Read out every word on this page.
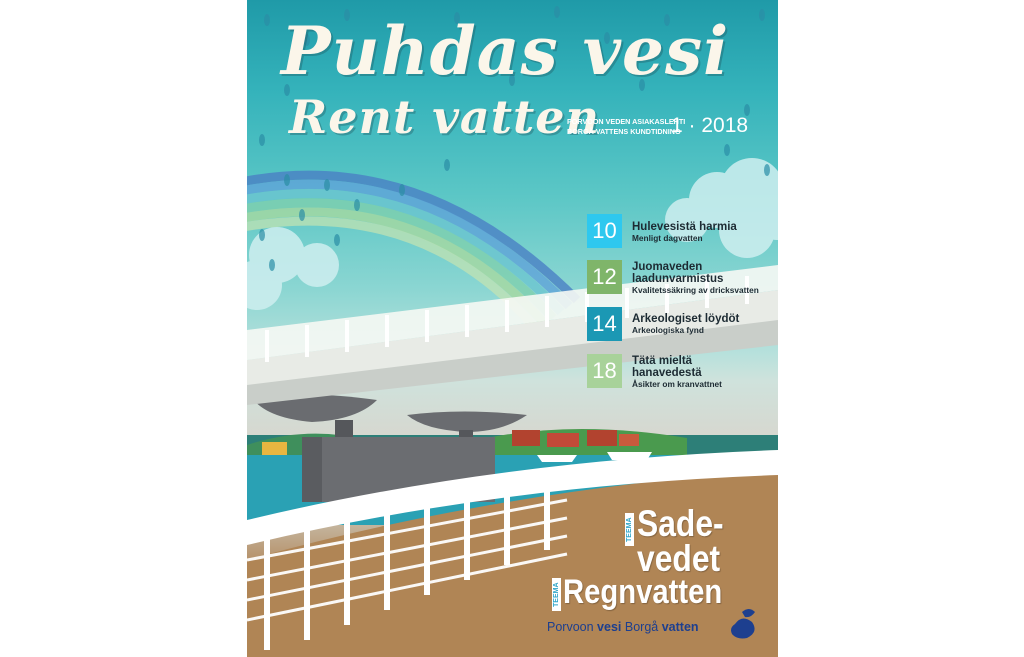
Puhdas vesi
Rent vatten
PORVOON VEDEN ASIAKASLEHTI
BORGÅ VATTENS KUNDTIDNING
1 · 2018
10	Hulevesistä harmia
Menligt dagvatten
12	Juomaveden
laadunvarmistus
Kvalitetssäkring av dricksvatten
14	Arkeologiset löydöt
Arkeologiska fynd
18	Tätä mieltä
hanavedestä
Åsikter om kranvattnet
TEEMA Sade-
vedet
TEEMA Regnvatten
Porvoon vesi Borgå vatten
